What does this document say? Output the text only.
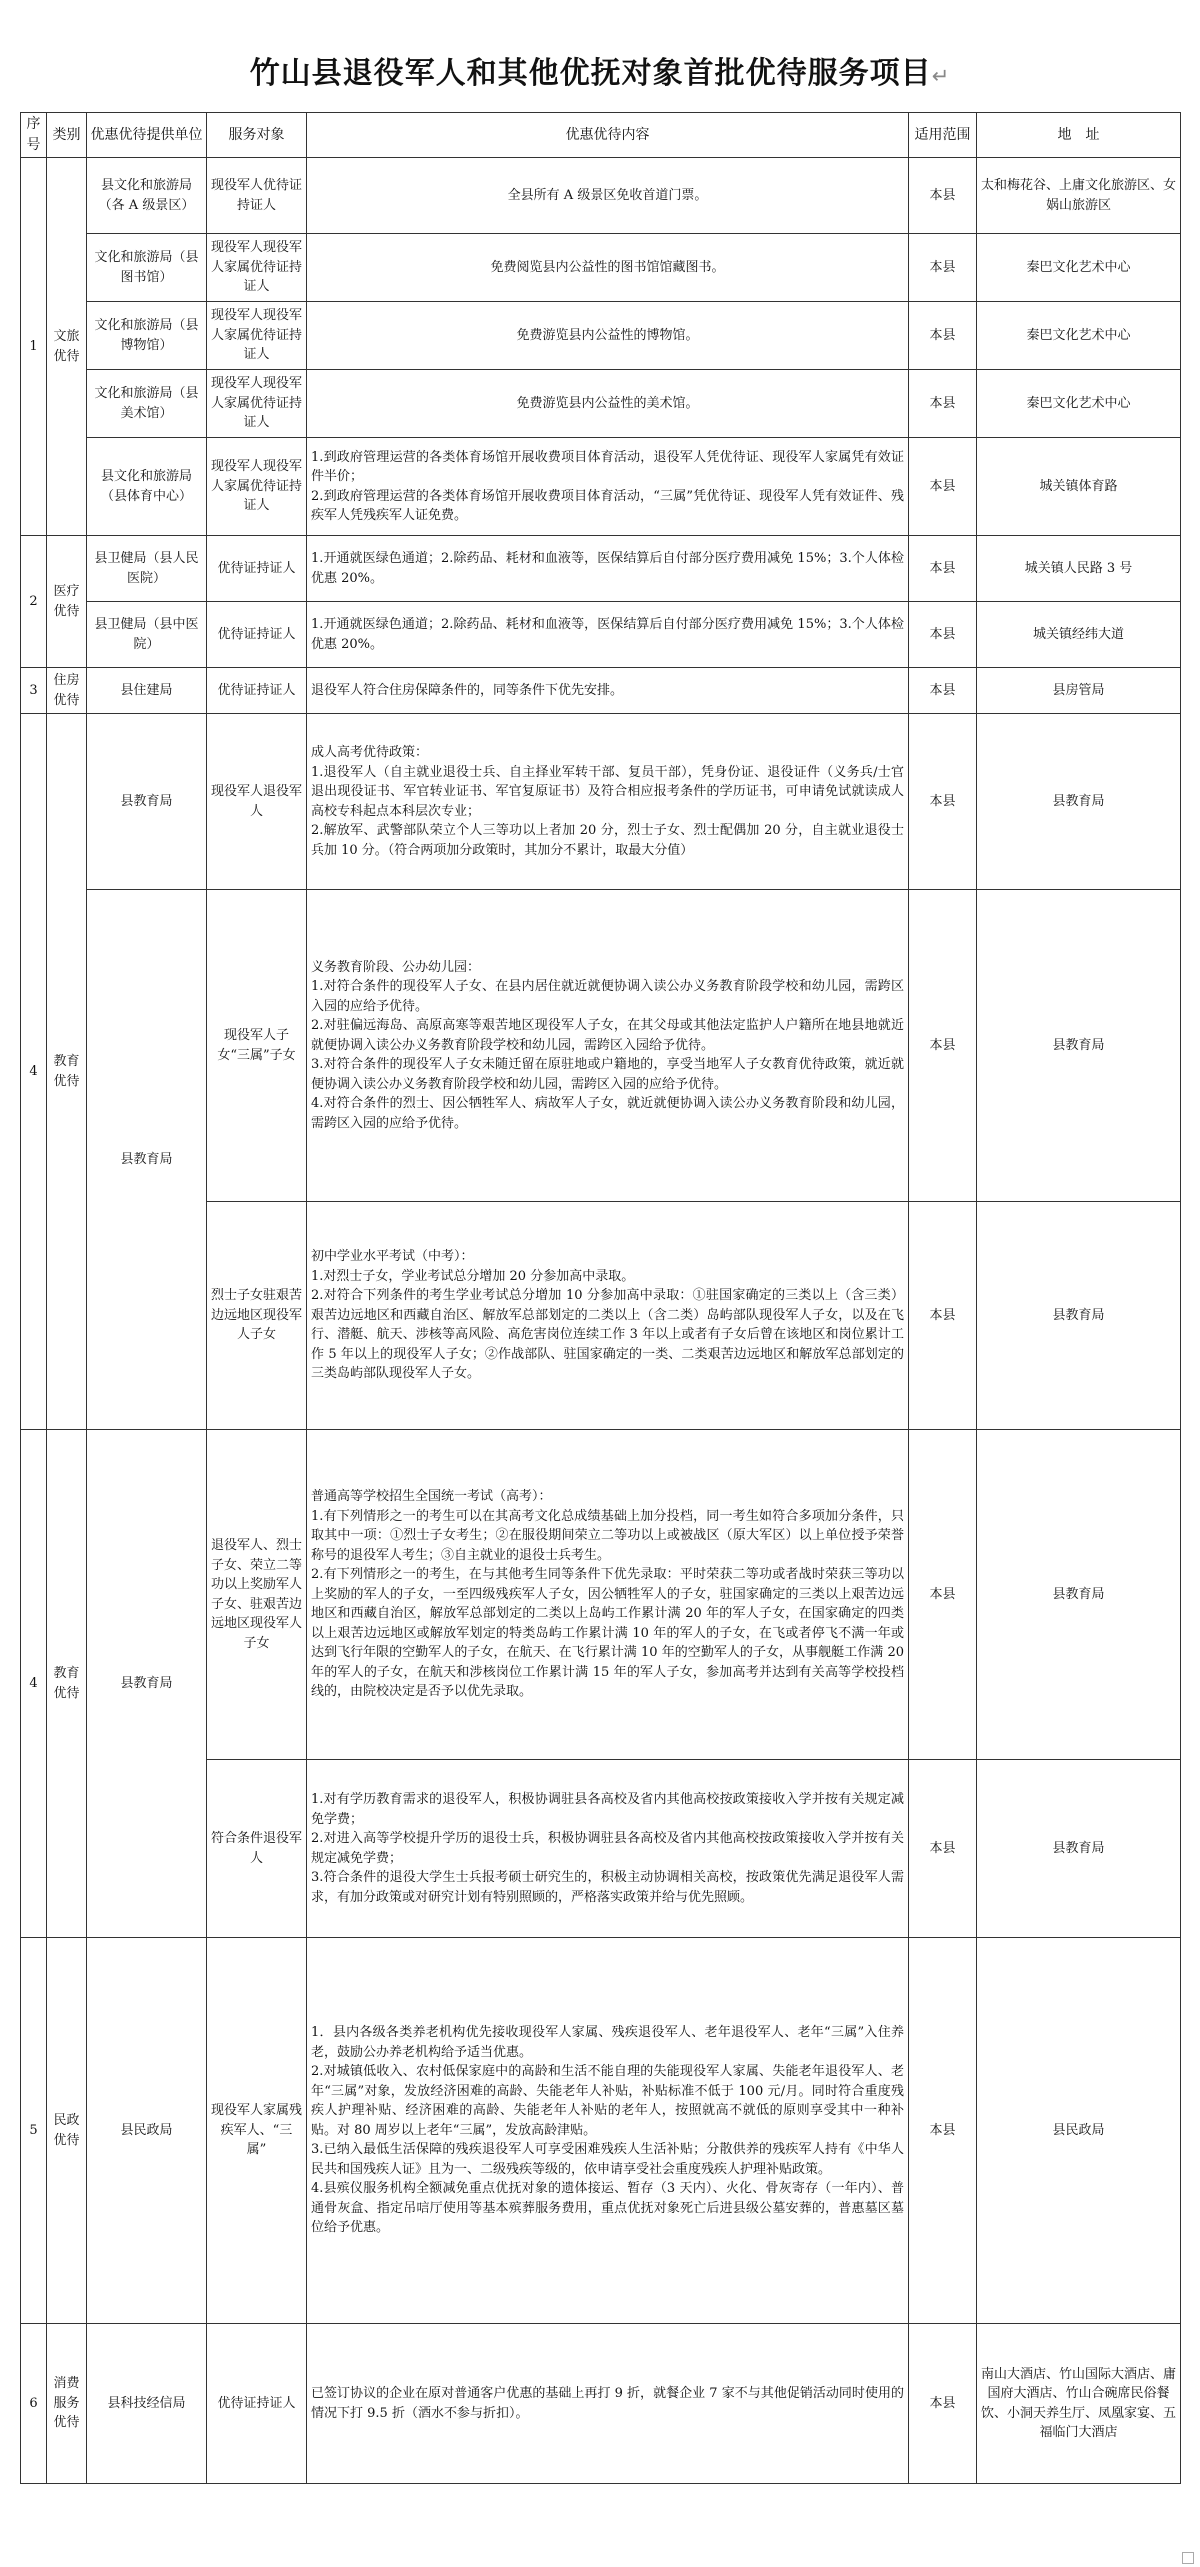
竹山县退役军人和其他优抚对象首批优待服务项目↵
序号	类别	优惠优待提供单位	服务对象	优惠优待内容	适用范围	地　址
1	文旅优待	县文化和旅游局（各 A 级景区）	现役军人优待证持证人	全县所有 A 级景区免收首道门票。	本县	太和梅花谷、上庸文化旅游区、女娲山旅游区
		文化和旅游局（县图书馆）	现役军人现役军人家属优待证持证人	免费阅览县内公益性的图书馆馆藏图书。	本县	秦巴文化艺术中心
		文化和旅游局（县博物馆）	现役军人现役军人家属优待证持证人	免费游览县内公益性的博物馆。	本县	秦巴文化艺术中心
		文化和旅游局（县美术馆）	现役军人现役军人家属优待证持证人	免费游览县内公益性的美术馆。	本县	秦巴文化艺术中心
		县文化和旅游局（县体育中心）	现役军人现役军人家属优待证持证人	1.到政府管理运营的各类体育场馆开展收费项目体育活动，退役军人凭优待证、现役军人家属凭有效证件半价；

2.到政府管理运营的各类体育场馆开展收费项目体育活动，“三属”凭优待证、现役军人凭有效证件、残疾军人凭残疾军人证免费。	本县	城关镇体育路
2	医疗优待	县卫健局（县人民医院）	优待证持证人	1.开通就医绿色通道；2.除药品、耗材和血液等，医保结算后自付部分医疗费用减免 15%；3.个人体检优惠 20%。	本县	城关镇人民路 3 号
		县卫健局（县中医院）	优待证持证人	1.开通就医绿色通道；2.除药品、耗材和血液等，医保结算后自付部分医疗费用减免 15%；3.个人体检优惠 20%。	本县	城关镇经纬大道
3	住房优待	县住建局	优待证持证人	退役军人符合住房保障条件的，同等条件下优先安排。	本县	县房管局
4	教育优待	县教育局	现役军人退役军人	成人高考优待政策：

1.退役军人（自主就业退役士兵、自主择业军转干部、复员干部），凭身份证、退役证件（义务兵/士官退出现役证书、军官转业证书、军官复原证书）及符合相应报考条件的学历证书，可申请免试就读成人高校专科起点本科层次专业；

2.解放军、武警部队荣立个人三等功以上者加 20 分，烈士子女、烈士配偶加 20 分，自主就业退役士兵加 10 分。（符合两项加分政策时，其加分不累计，取最大分值）	本县	县教育局
		县教育局	现役军人子女“三属”子女	义务教育阶段、公办幼儿园：

1.对符合条件的现役军人子女、在县内居住就近就便协调入读公办义务教育阶段学校和幼儿园，需跨区入园的应给予优待。

2.对驻偏远海岛、高原高寒等艰苦地区现役军人子女，在其父母或其他法定监护人户籍所在地县地就近就便协调入读公办义务教育阶段学校和幼儿园，需跨区入园给予优待。

3.对符合条件的现役军人子女未随迁留在原驻地或户籍地的，享受当地军人子女教育优待政策，就近就便协调入读公办义务教育阶段学校和幼儿园，需跨区入园的应给予优待。

4.对符合条件的烈士、因公牺牲军人、病故军人子女，就近就便协调入读公办义务教育阶段和幼儿园，需跨区入园的应给予优待。	本县	县教育局
			烈士子女驻艰苦边远地区现役军人子女	初中学业水平考试（中考）：

1.对烈士子女，学业考试总分增加 20 分参加高中录取。

2.对符合下列条件的考生学业考试总分增加 10 分参加高中录取：①驻国家确定的三类以上（含三类）艰苦边远地区和西藏自治区、解放军总部划定的二类以上（含二类）岛屿部队现役军人子女，以及在飞行、潜艇、航天、涉核等高风险、高危害岗位连续工作 3 年以上或者有子女后曾在该地区和岗位累计工作 5 年以上的现役军人子女；②作战部队、驻国家确定的一类、二类艰苦边远地区和解放军总部划定的三类岛屿部队现役军人子女。	本县	县教育局
4	教育优待	县教育局	退役军人、烈士子女、荣立二等功以上奖励军人子女、驻艰苦边远地区现役军人子女	普通高等学校招生全国统一考试（高考）：

1.有下列情形之一的考生可以在其高考文化总成绩基础上加分投档，同一考生如符合多项加分条件，只取其中一项：①烈士子女考生；②在服役期间荣立二等功以上或被战区（原大军区）以上单位授予荣誉称号的退役军人考生；③自主就业的退役士兵考生。

2.有下列情形之一的考生，在与其他考生同等条件下优先录取：平时荣获二等功或者战时荣获三等功以上奖励的军人的子女，一至四级残疾军人子女，因公牺牲军人的子女，驻国家确定的三类以上艰苦边远地区和西藏自治区，解放军总部划定的二类以上岛屿工作累计满 20 年的军人子女，在国家确定的四类以上艰苦边远地区或解放军划定的特类岛屿工作累计满 10 年的军人的子女，在飞或者停飞不满一年或达到飞行年限的空勤军人的子女，在航天、在飞行累计满 10 年的空勤军人的子女，从事舰艇工作满 20 年的军人的子女，在航天和涉核岗位工作累计满 15 年的军人子女，参加高考并达到有关高等学校投档线的，由院校决定是否予以优先录取。	本县	县教育局
			符合条件退役军人	1.对有学历教育需求的退役军人，积极协调驻县各高校及省内其他高校按政策接收入学并按有关规定减免学费；

2.对进入高等学校提升学历的退役士兵，积极协调驻县各高校及省内其他高校按政策接收入学并按有关规定减免学费；

3.符合条件的退役大学生士兵报考硕士研究生的，积极主动协调相关高校，按政策优先满足退役军人需求，有加分政策或对研究计划有特别照顾的，严格落实政策并给与优先照顾。	本县	县教育局
5	民政优待	县民政局	现役军人家属残疾军人、“三属”	1．县内各级各类养老机构优先接收现役军人家属、残疾退役军人、老年退役军人、老年“三属”入住养老，鼓励公办养老机构给予适当优惠。

2.对城镇低收入、农村低保家庭中的高龄和生活不能自理的失能现役军人家属、失能老年退役军人、老年“三属”对象，发放经济困难的高龄、失能老年人补贴，补贴标准不低于 100 元/月。同时符合重度残疾人护理补贴、经济困难的高龄、失能老年人补贴的老年人，按照就高不就低的原则享受其中一种补贴。对 80 周岁以上老年“三属”，发放高龄津贴。

3.已纳入最低生活保障的残疾退役军人可享受困难残疾人生活补贴；分散供养的残疾军人持有《中华人民共和国残疾人证》且为一、二级残疾等级的，依申请享受社会重度残疾人护理补贴政策。

4.县殡仪服务机构全额减免重点优抚对象的遗体接运、暂存（3 天内）、火化、骨灰寄存（一年内）、普通骨灰盒、指定吊唁厅使用等基本殡葬服务费用，重点优抚对象死亡后进县级公墓安葬的，普惠墓区墓位给予优惠。	本县	县民政局
6	消费服务优待	县科技经信局	优待证持证人	已签订协议的企业在原对普通客户优惠的基础上再打 9 折，就餐企业 7 家不与其他促销活动同时使用的情况下打 9.5 折（酒水不参与折扣）。	本县	南山大酒店、竹山国际大酒店、庸国府大酒店、竹山合碗席民俗餐饮、小洞天养生厅、凤凰家宴、五福临门大酒店
